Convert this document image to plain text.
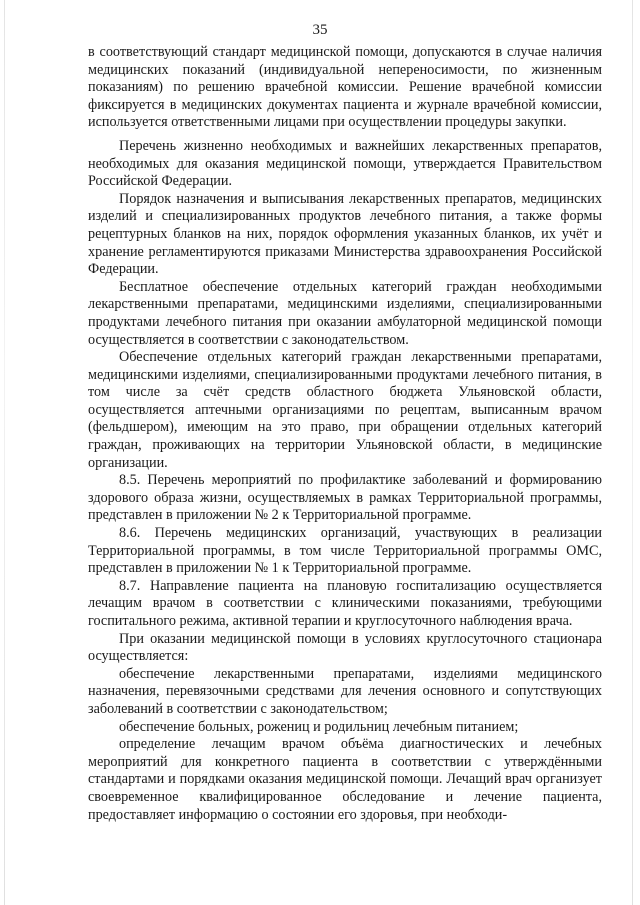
35

в соответствующий стандарт медицинской помощи, допускаются в случае наличия медицинских показаний (индивидуальной непереносимости, по жизненным показаниям) по решению врачебной комиссии. Решение врачебной комиссии фиксируется в медицинских документах пациента и журнале врачебной комиссии, используется ответственными лицами при осуществлении процедуры закупки.

Перечень жизненно необходимых и важнейших лекарственных препаратов, необходимых для оказания медицинской помощи, утверждается Правительством Российской Федерации.

Порядок назначения и выписывания лекарственных препаратов, медицинских изделий и специализированных продуктов лечебного питания, а также формы рецептурных бланков на них, порядок оформления указанных бланков, их учёт и хранение регламентируются приказами Министерства здравоохранения Российской Федерации.

Бесплатное обеспечение отдельных категорий граждан необходимыми лекарственными препаратами, медицинскими изделиями, специализированными продуктами лечебного питания при оказании амбулаторной медицинской помощи осуществляется в соответствии с законодательством.

Обеспечение отдельных категорий граждан лекарственными препаратами, медицинскими изделиями, специализированными продуктами лечебного питания, в том числе за счёт средств областного бюджета Ульяновской области, осуществляется аптечными организациями по рецептам, выписанным врачом (фельдшером), имеющим на это право, при обращении отдельных категорий граждан, проживающих на территории Ульяновской области, в медицинские организации.

8.5. Перечень мероприятий по профилактике заболеваний и формированию здорового образа жизни, осуществляемых в рамках Территориальной программы, представлен в приложении № 2 к Территориальной программе.

8.6. Перечень медицинских организаций, участвующих в реализации Территориальной программы, в том числе Территориальной программы ОМС, представлен в приложении № 1 к Территориальной программе.

8.7. Направление пациента на плановую госпитализацию осуществляется лечащим врачом в соответствии с клиническими показаниями, требующими госпитального режима, активной терапии и круглосуточного наблюдения врача.

При оказании медицинской помощи в условиях круглосуточного стационара осуществляется:

обеспечение лекарственными препаратами, изделиями медицинского назначения, перевязочными средствами для лечения основного и сопутствующих заболеваний в соответствии с законодательством;

обеспечение больных, рожениц и родильниц лечебным питанием;

определение лечащим врачом объёма диагностических и лечебных мероприятий для конкретного пациента в соответствии с утверждёнными стандартами и порядками оказания медицинской помощи. Лечащий врач организует своевременное квалифицированное обследование и лечение пациента, предоставляет информацию о состоянии его здоровья, при необходи-
